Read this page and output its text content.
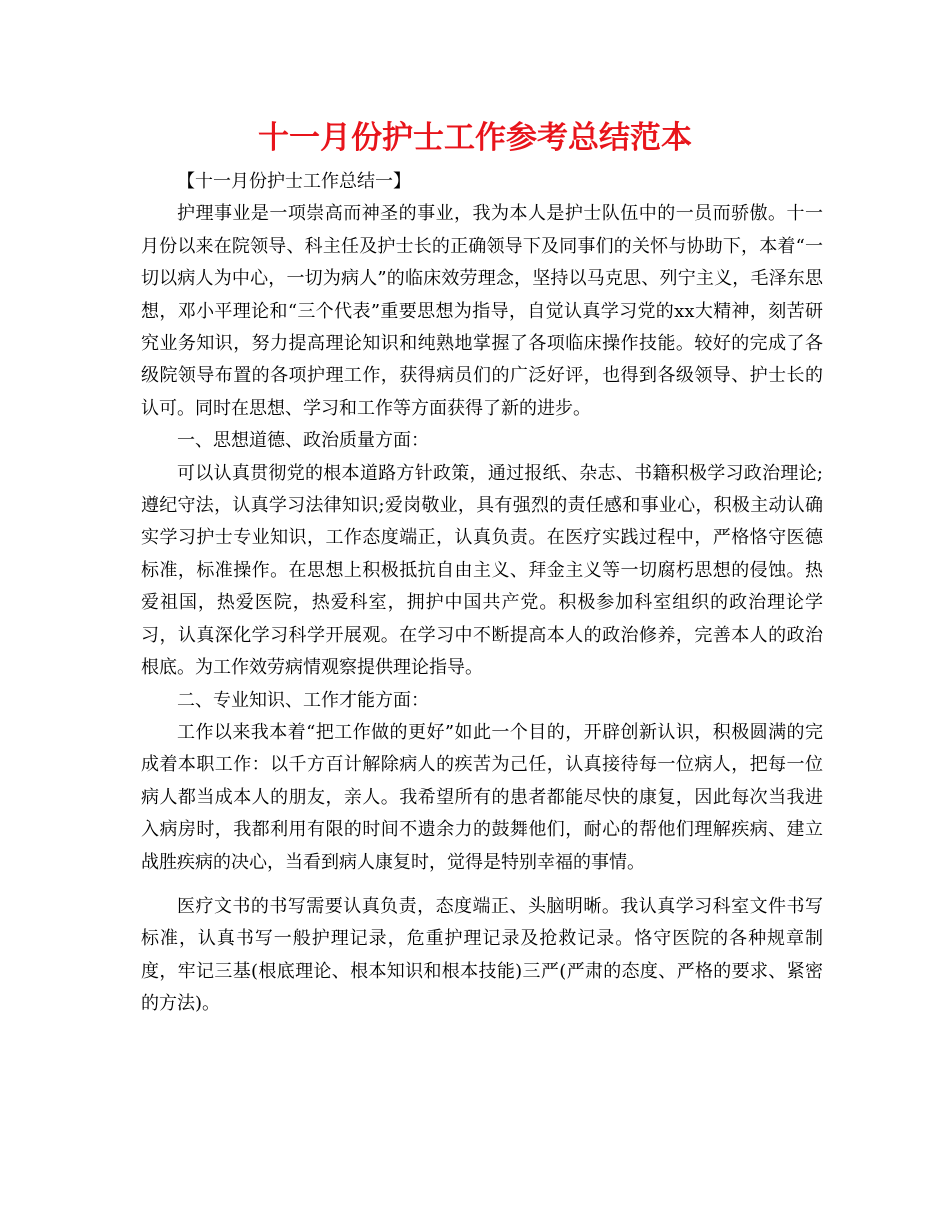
十一月份护士工作参考总结范本

【十一月份护士工作总结一】

护理事业是一项崇高而神圣的事业，我为本人是护士队伍中的一员而骄傲。十一月份以来在院领导、科主任及护士长的正确领导下及同事们的关怀与协助下，本着“一切以病人为中心，一切为病人”的临床效劳理念，坚持以马克思、列宁主义，毛泽东思想，邓小平理论和“三个代表”重要思想为指导，自觉认真学习党的xx大精神，刻苦研究业务知识，努力提高理论知识和纯熟地掌握了各项临床操作技能。较好的完成了各级院领导布置的各项护理工作，获得病员们的广泛好评，也得到各级领导、护士长的认可。同时在思想、学习和工作等方面获得了新的进步。

一、思想道德、政治质量方面：

可以认真贯彻党的根本道路方针政策，通过报纸、杂志、书籍积极学习政治理论;遵纪守法，认真学习法律知识;爱岗敬业，具有强烈的责任感和事业心，积极主动认确实学习护士专业知识，工作态度端正，认真负责。在医疗实践过程中，严格恪守医德标准，标准操作。在思想上积极抵抗自由主义、拜金主义等一切腐朽思想的侵蚀。热爱祖国，热爱医院，热爱科室，拥护中国共产党。积极参加科室组织的政治理论学习，认真深化学习科学开展观。在学习中不断提高本人的政治修养，完善本人的政治根底。为工作效劳病情观察提供理论指导。

二、专业知识、工作才能方面：

工作以来我本着“把工作做的更好”如此一个目的，开辟创新认识，积极圆满的完成着本职工作：以千方百计解除病人的疾苦为己任，认真接待每一位病人，把每一位病人都当成本人的朋友，亲人。我希望所有的患者都能尽快的康复，因此每次当我进入病房时，我都利用有限的时间不遗余力的鼓舞他们，耐心的帮他们理解疾病、建立战胜疾病的决心，当看到病人康复时，觉得是特别幸福的事情。

医疗文书的书写需要认真负责，态度端正、头脑明晰。我认真学习科室文件书写标准，认真书写一般护理记录，危重护理记录及抢救记录。恪守医院的各种规章制度，牢记三基(根底理论、根本知识和根本技能)三严(严肃的态度、严格的要求、紧密的方法)。
